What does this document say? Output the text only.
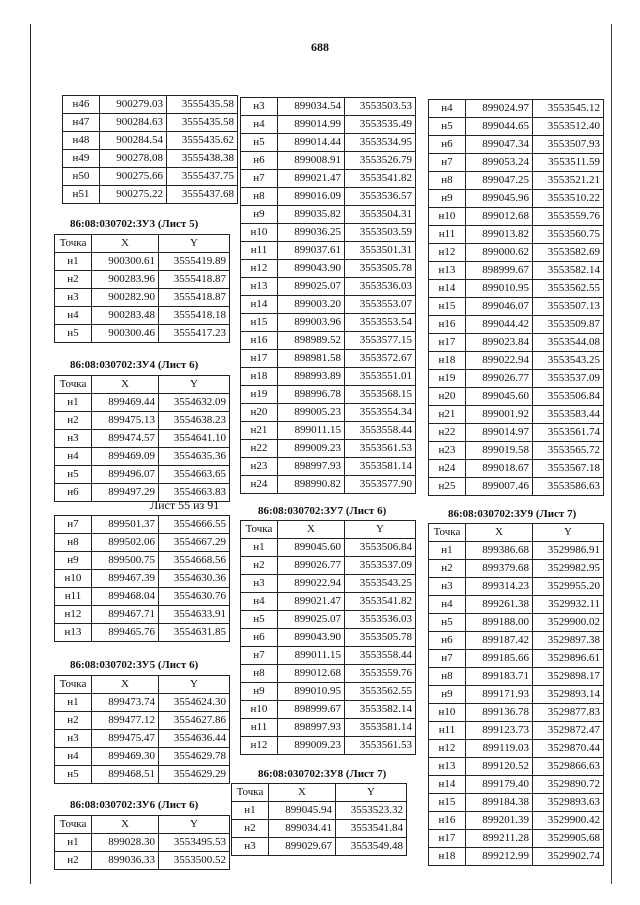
688
н46	900279.03	3555435.58
н47	900284.63	3555435.58
н48	900284.54	3555435.62
н49	900278.08	3555438.38
н50	900275.66	3555437.75
н51	900275.22	3555437.68
86:08:030702:ЗУ3 (Лист 5)
Точка	X	Y
н1	900300.61	3555419.89
н2	900283.96	3555418.87
н3	900282.90	3555418.87
н4	900283.48	3555418.18
н5	900300.46	3555417.23
86:08:030702:ЗУ4 (Лист 6)
Точка	X	Y
н1	899469.44	3554632.09
н2	899475.13	3554638.23
н3	899474.57	3554641.10
н4	899469.09	3554635.36
н5	899496.07	3554663.65
н6	899497.29	3554663.83
Лист 55 из 91
н7	899501.37	3554666.55
н8	899502.06	3554667.29
н9	899500.75	3554668.56
н10	899467.39	3554630.36
н11	899468.04	3554630.76
н12	899467.71	3554633.91
н13	899465.76	3554631.85
86:08:030702:ЗУ5 (Лист 6)
Точка	X	Y
н1	899473.74	3554624.30
н2	899477.12	3554627.86
н3	899475.47	3554636.44
н4	899469.30	3554629.78
н5	899468.51	3554629.29
86:08:030702:ЗУ6 (Лист 6)
Точка	X	Y
н1	899028.30	3553495.53
н2	899036.33	3553500.52
н3	899034.54	3553503.53
н4	899014.99	3553535.49
н5	899014.44	3553534.95
н6	899008.91	3553526.79
н7	899021.47	3553541.82
н8	899016.09	3553536.57
н9	899035.82	3553504.31
н10	899036.25	3553503.59
н11	899037.61	3553501.31
н12	899043.90	3553505.78
н13	899025.07	3553536.03
н14	899003.20	3553553.07
н15	899003.96	3553553.54
н16	898989.52	3553577.15
н17	898981.58	3553572.67
н18	898993.89	3553551.01
н19	898996.78	3553568.15
н20	899005.23	3553554.34
н21	899011.15	3553558.44
н22	899009.23	3553561.53
н23	898997.93	3553581.14
н24	898990.82	3553577.90
86:08:030702:ЗУ7 (Лист 6)
Точка	X	Y
н1	899045.60	3553506.84
н2	899026.77	3553537.09
н3	899022.94	3553543.25
н4	899021.47	3553541.82
н5	899025.07	3553536.03
н6	899043.90	3553505.78
н7	899011.15	3553558.44
н8	899012.68	3553559.76
н9	899010.95	3553562.55
н10	898999.67	3553582.14
н11	898997.93	3553581.14
н12	899009.23	3553561.53
86:08:030702:ЗУ8 (Лист 7)
Точка	X	Y
н1	899045.94	3553523.32
н2	899034.41	3553541.84
н3	899029.67	3553549.48
н4	899024.97	3553545.12
н5	899044.65	3553512.40
н6	899047.34	3553507.93
н7	899053.24	3553511.59
н8	899047.25	3553521.21
н9	899045.96	3553510.22
н10	899012.68	3553559.76
н11	899013.82	3553560.75
н12	899000.62	3553582.69
н13	898999.67	3553582.14
н14	899010.95	3553562.55
н15	899046.07	3553507.13
н16	899044.42	3553509.87
н17	899023.84	3553544.08
н18	899022.94	3553543.25
н19	899026.77	3553537.09
н20	899045.60	3553506.84
н21	899001.92	3553583.44
н22	899014.97	3553561.74
н23	899019.58	3553565.72
н24	899018.67	3553567.18
н25	899007.46	3553586.63
86:08:030702:ЗУ9 (Лист 7)
Точка	X	Y
н1	899386.68	3529986.91
н2	899379.68	3529982.95
н3	899314.23	3529955.20
н4	899261.38	3529932.11
н5	899188.00	3529900.02
н6	899187.42	3529897.38
н7	899185.66	3529896.61
н8	899183.71	3529898.17
н9	899171.93	3529893.14
н10	899136.78	3529877.83
н11	899123.73	3529872.47
н12	899119.03	3529870.44
н13	899120.52	3529866.63
н14	899179.40	3529890.72
н15	899184.38	3529893.63
н16	899201.39	3529900.42
н17	899211.28	3529905.68
н18	899212.99	3529902.74
